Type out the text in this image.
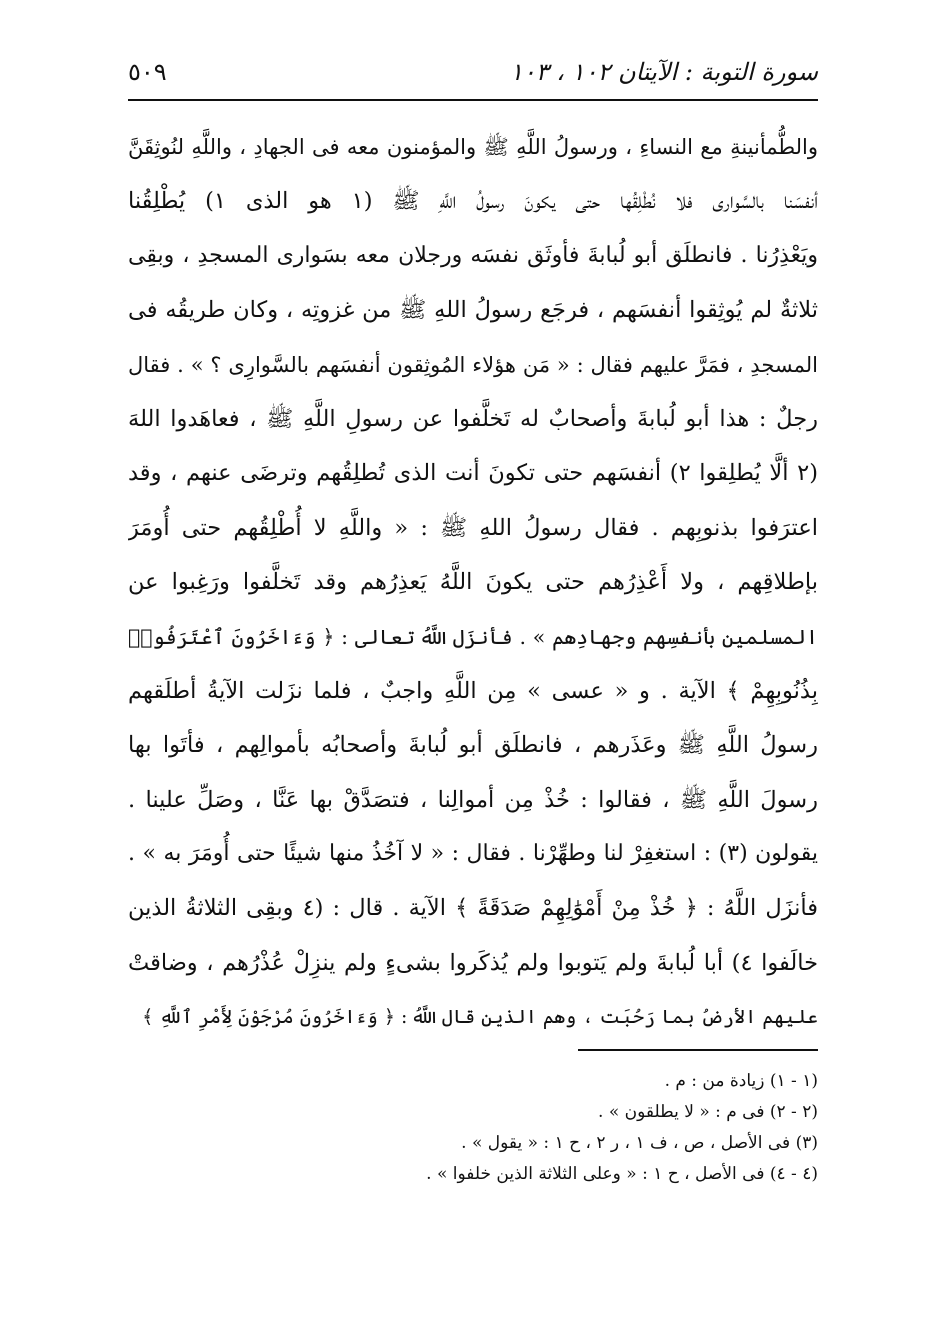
٥٠٩	سورة التوبة : الآيتان ١٠٢ ، ١٠٣
والطُّمأنينةِ مع النساءِ ، ورسولُ اللَّهِ ﷺ والمؤمنون معه فى الجهادِ ، واللَّهِ لنُوثِقَنَّ
أنفسَنا بالسَّوارى فلا نُطْلِقُها حتى يكونَ رسولُ اللَّهِ ﷺ (١ هو الذى ١) يُطْلِقُنا
ويَعْذِرُنا . فانطلَق أبو لُبابةَ فأوثَق نفسَه ورجلان معه بسَوارى المسجدِ ، وبقِى
ثلاثةٌ لم يُوثِقوا أنفسَهم ، فرجَع رسولُ اللهِ ﷺ من غزوتِه ، وكان طريقُه فى
المسجدِ ، فمَرَّ عليهم فقال : « مَن هؤلاء المُوثِقون أنفسَهم بالسَّوارِى ؟ » . فقال
رجلٌ : هذا أبو لُبابةَ وأصحابٌ له تَخلَّفوا عن رسولِ اللَّهِ ﷺ ، فعاهَدوا اللهَ
(٢ ألَّا يُطلِقوا ٢) أنفسَهم حتى تكونَ أنت الذى تُطلِقُهم وترضَى عنهم ، وقد
اعترَفوا بذنوبِهم . فقال رسولُ اللهِ ﷺ : « واللَّهِ لا أُطْلِقُهم حتى أُومَرَ
بإطلاقِهم ، ولا أَعْذِرُهم حتى يكونَ اللَّهُ يَعذِرُهم وقد تَخلَّفوا ورَغِبوا عن
المسلمين بأنفسِهم وجهادِهم » . فأنزَل اللَّهُ تعالى : ﴿ وَءَاخَرُونَ ٱعْتَرَفُوا۟
بِذُنُوبِهِمْ ﴾ الآية . و « عسى » مِن اللَّهِ واجبٌ ، فلما نزَلت الآيةُ أطلَقهم
رسولُ اللَّهِ ﷺ وعَذَرهم ، فانطلَق أبو لُبابةَ وأصحابُه بأموالِهم ، فأتَوا بها
رسولَ اللَّهِ ﷺ ، فقالوا : خُذْ مِن أموالِنا ، فتصَدَّقْ بها عَنَّا ، وصَلِّ علينا .
يقولون (٣) : استغفِرْ لنا وطهِّرْنا . فقال : « لا آخُذُ منها شيئًا حتى أُومَرَ به » .
فأنزَل اللَّهُ : ﴿ خُذْ مِنْ أَمْوَٰلِهِمْ صَدَقَةً ﴾ الآية . قال : (٤ وبقِى الثلاثةُ الذين
خالَفوا ٤) أبا لُبابةَ ولم يَتوبوا ولم يُذكَروا بشىءٍ ولم ينزِلْ عُذْرُهم ، وضاقتْ
عليهم الأرضُ بما رَحُبَت ، وهم الذين قال اللَّهُ : ﴿ وَءَاخَرُونَ مُرْجَوْنَ لِأَمْرِ ٱللَّهِ ﴾
(١ - ١) زيادة من : م .
(٢ - ٢) فى م : « لا يطلقون » .
(٣) فى الأصل ، ص ، ف ١ ، ر ٢ ، ح ١ : « يقول » .
(٤ - ٤) فى الأصل ، ح ١ : « وعلى الثلاثة الذين خلفوا » .
